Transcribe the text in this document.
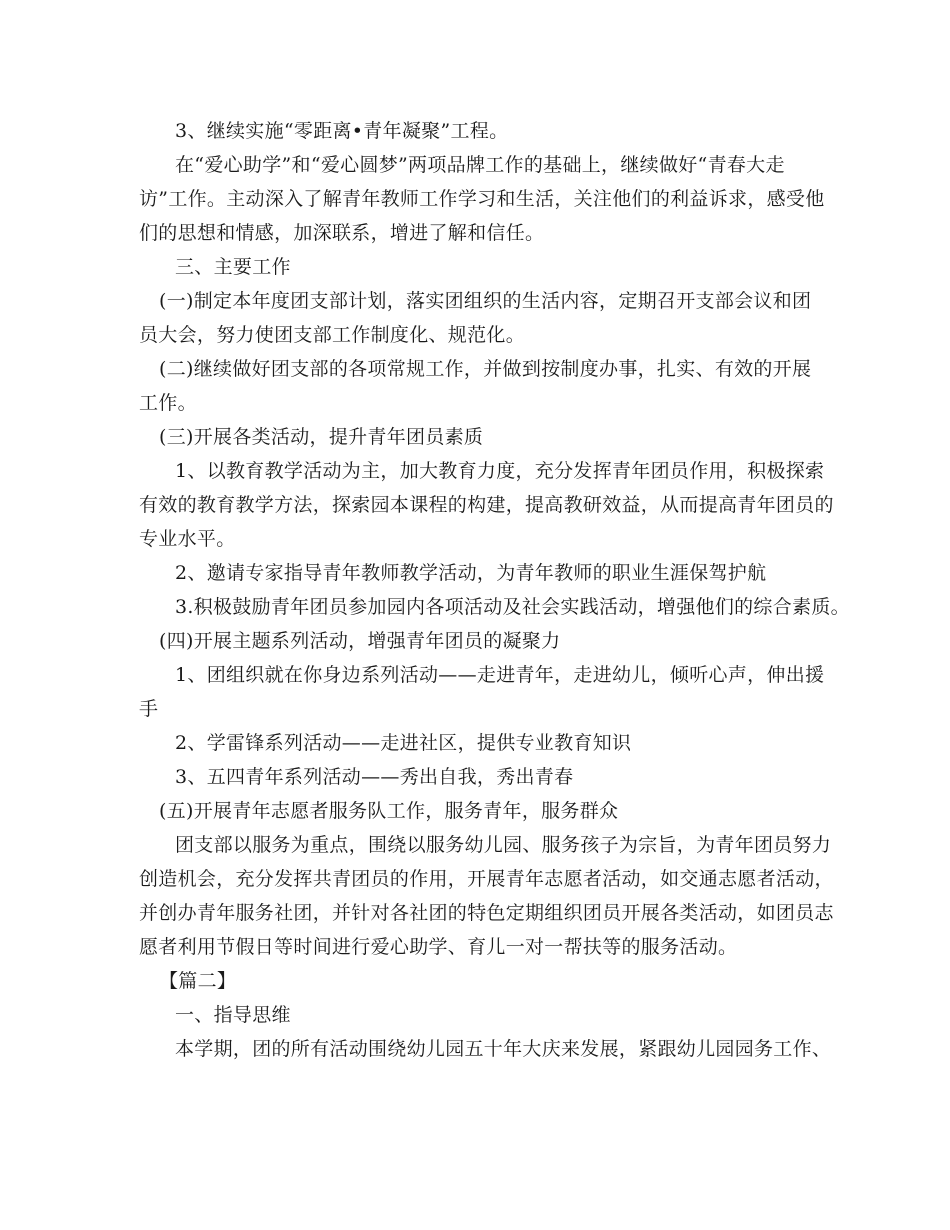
3、继续实施“零距离•青年凝聚”工程。
在“爱心助学”和“爱心圆梦”两项品牌工作的基础上，继续做好“青春大走
访”工作。主动深入了解青年教师工作学习和生活，关注他们的利益诉求，感受他
们的思想和情感，加深联系，增进了解和信任。
三、主要工作
(一)制定本年度团支部计划，落实团组织的生活内容，定期召开支部会议和团
员大会，努力使团支部工作制度化、规范化。
(二)继续做好团支部的各项常规工作，并做到按制度办事，扎实、有效的开展
工作。
(三)开展各类活动，提升青年团员素质
1、以教育教学活动为主，加大教育力度，充分发挥青年团员作用，积极探索
有效的教育教学方法，探索园本课程的构建，提高教研效益，从而提高青年团员的
专业水平。
2、邀请专家指导青年教师教学活动，为青年教师的职业生涯保驾护航
3.积极鼓励青年团员参加园内各项活动及社会实践活动，增强他们的综合素质。
(四)开展主题系列活动，增强青年团员的凝聚力
1、团组织就在你身边系列活动——走进青年，走进幼儿，倾听心声，伸出援
手
2、学雷锋系列活动——走进社区，提供专业教育知识
3、五四青年系列活动——秀出自我，秀出青春
(五)开展青年志愿者服务队工作，服务青年，服务群众
团支部以服务为重点，围绕以服务幼儿园、服务孩子为宗旨，为青年团员努力
创造机会，充分发挥共青团员的作用，开展青年志愿者活动，如交通志愿者活动，
并创办青年服务社团，并针对各社团的特色定期组织团员开展各类活动，如团员志
愿者利用节假日等时间进行爱心助学、育儿一对一帮扶等的服务活动。
【篇二】
一、指导思维
本学期，团的所有活动围绕幼儿园五十年大庆来发展，紧跟幼儿园园务工作、
